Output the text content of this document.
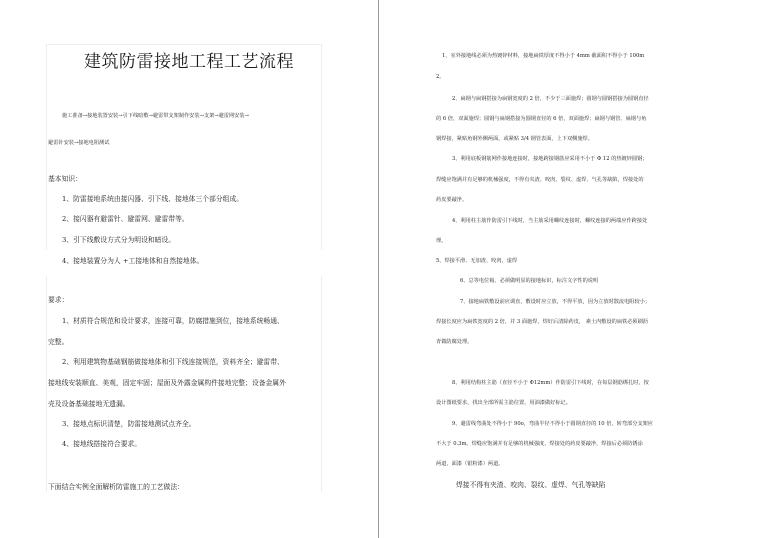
建筑防雷接地工程工艺流程
施工准备→接地装置安装→引下线暗敷→避雷带支架制作安装→支架→避雷网安装→
避雷针安装→接地电阻测试
基本知识：
1、防雷接地系统由接闪器、引下线、接地体三个部分组成。
2、接闪器有避雷针、避雷网、避雷带等。
3、引下线敷设方式分为明设和暗设。
4、接地装置分为人 +工接地体和自然接地体。
要求：
1、材质符合规范和设计要求，连接可靠，防腐措施到位，接地系统畅通、
完整。
2、利用建筑物基础钢筋做接地体和引下线连接规范，资料齐全；避雷带、
接地线安装顺直、美观，固定牢固；屋面及外露金属构件接地完整；设备金属外
壳及设备基础接地无遗漏。
3、接地点标识清楚，防雷接地测试点齐全。
4、接地线搭接符合要求。
下面结合实例全面解析防雷施工的工艺做法：
1、室外接地线必须为热镀锌材料，接地扁铁厚度不得小于 4mm 截面积不得小于 100m
2。
2、扁钢与扁钢搭接为扁钢宽度的 2 倍，不少于三面施焊；圆钢与圆钢搭接为圆钢直径
的 6 倍，双面施焊；圆钢与扁钢搭接为圆钢直径的 6 倍，双面施焊；扁钢与钢管、扁钢与角
钢焊接，紧贴角钢外侧两面，或紧贴 3/4 钢管表面，上下双侧施焊。
3、利用底板钢筋网作接地连接时，接地跨接钢筋应采用不小于 Φ 12 的热镀锌圆钢；
焊缝应饱满并有足够的机械强度，不得有夹渣、咬肉、裂纹、虚焊、气孔等缺陷，焊接处的
药皮要敲净。
4、利用柱主筋作防雷引下线时，当主筋采用螺纹连接时，螺纹连接的两端应作跨接处
理。
5、焊接平滑、无加渣、咬肉、虚焊
6、总等电位箱、必须做明显的接地标识，标注文字性的说明
7、接地扁铁敷设前应调直，敷设时应立放，不得平放，因为立放时散流电阻较小；
焊接长度应为扁铁宽度的 2 倍，并 3 面施焊，焊好后清除药皮， 素土内敷设的扁铁必须刷沥
青做防腐处理。
8、利用结构柱主筋（直径不小于 Φ12mm）作防雷引下线时，在每层钢筋绑扎时，按
设计图纸要求，找出全部所需主筋位置，用油漆做好标记。
9、避雷线弯曲处不得小于 90o，弯曲半径不得小于圆钢直径的 10 倍，转弯部分支架应
不大于 0.3m。焊缝应饱满并有足够的机械强度，焊接处的药皮要敲净，焊接后必须防锈涂
两道，面漆（银粉漆）两道。
焊接不得有夹渣、咬肉、裂纹、虚焊、气孔等缺陷
